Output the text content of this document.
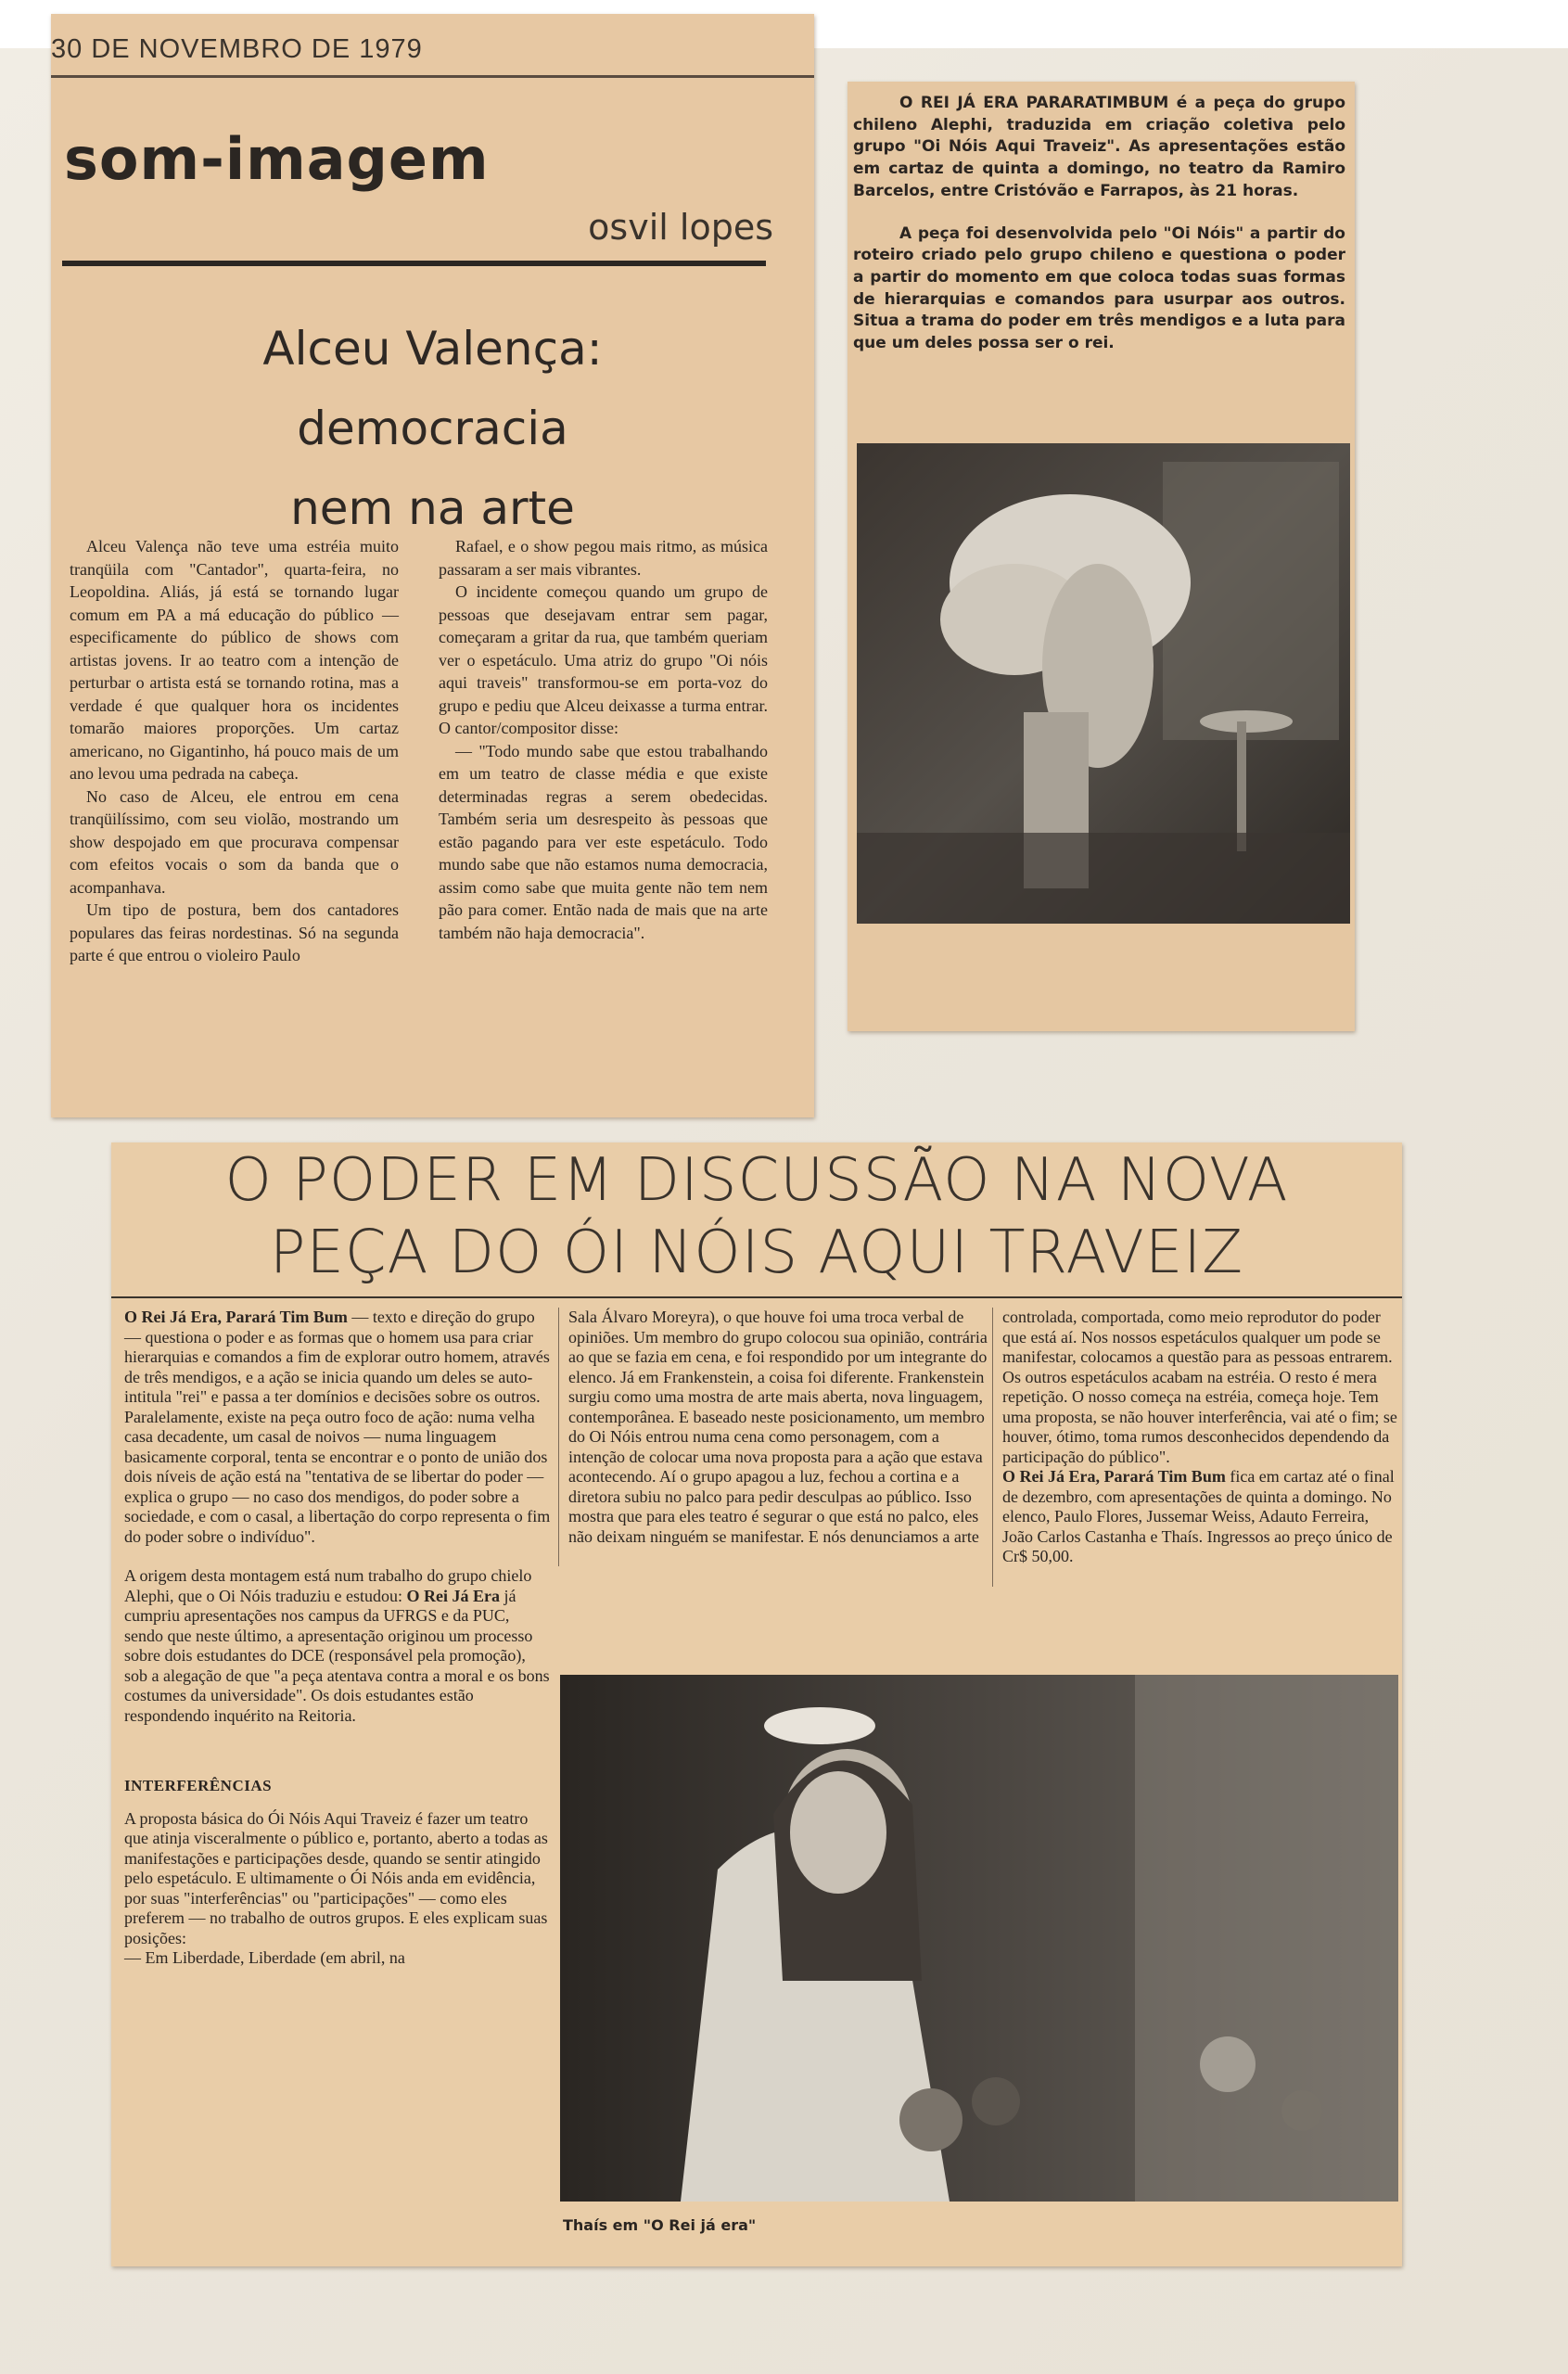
30 DE NOVEMBRO DE 1979
som-imagem
osvil lopes
Alceu Valença:
democracia
nem na arte

Alceu Valença não teve uma estréia muito tranqüila com "Cantador", quarta-feira, no Leopoldina. Aliás, já está se tornando lugar comum em PA a má educação do público — especificamente do público de shows com artistas jovens. Ir ao teatro com a intenção de perturbar o artista está se tornando rotina, mas a verdade é que qualquer hora os incidentes tomarão maiores proporções. Um cartaz americano, no Gigantinho, há pouco mais de um ano levou uma pedrada na cabeça.

No caso de Alceu, ele entrou em cena tranqüilíssimo, com seu violão, mostrando um show despojado em que procurava compensar com efeitos vocais o som da banda que o acompanhava.

Um tipo de postura, bem dos cantadores populares das feiras nordestinas. Só na segunda parte é que entrou o violeiro Paulo

Rafael, e o show pegou mais ritmo, as música passaram a ser mais vibrantes.

O incidente começou quando um grupo de pessoas que desejavam entrar sem pagar, começaram a gritar da rua, que também queriam ver o espetáculo. Uma atriz do grupo "Oi nóis aqui traveis" transformou-se em porta-voz do grupo e pediu que Alceu deixasse a turma entrar. O cantor/compositor disse:

— "Todo mundo sabe que estou trabalhando em um teatro de classe média e que existe determinadas regras a serem obedecidas. Também seria um desrespeito às pessoas que estão pagando para ver este espetáculo. Todo mundo sabe que não estamos numa democracia, assim como sabe que muita gente não tem nem pão para comer. Então nada de mais que na arte também não haja democracia".

O REI JÁ ERA PARARATIMBUM é a peça do grupo chileno Alephi, traduzida em criação coletiva pelo grupo "Oi Nóis Aqui Traveiz". As apresentações estão em cartaz de quinta a domingo, no teatro da Ramiro Barcelos, entre Cristóvão e Farrapos, às 21 horas.

A peça foi desenvolvida pelo "Oi Nóis" a partir do roteiro criado pelo grupo chileno e questiona o poder a partir do momento em que coloca todas suas formas de hierarquias e comandos para usurpar aos outros. Situa a trama do poder em três mendigos e a luta para que um deles possa ser o rei.

O PODER EM DISCUSSÃO NA NOVA
PEÇA DO ÓI NÓIS AQUI TRAVEIZ

O Rei Já Era, Parará Tim Bum — texto e direção do grupo — questiona o poder e as formas que o homem usa para criar hierarquias e comandos a fim de explorar outro homem, através de três mendigos, e a ação se inicia quando um deles se auto-intitula "rei" e passa a ter domínios e decisões sobre os outros. Paralelamente, existe na peça outro foco de ação: numa velha casa decadente, um casal de noivos — numa linguagem basicamente corporal, tenta se encontrar e o ponto de união dos dois níveis de ação está na "tentativa de se libertar do poder — explica o grupo — no caso dos mendigos, do poder sobre a sociedade, e com o casal, a libertação do corpo representa o fim do poder sobre o indivíduo".

A origem desta montagem está num trabalho do grupo chielo Alephi, que o Oi Nóis traduziu e estudou: O Rei Já Era já cumpriu apresentações nos campus da UFRGS e da PUC, sendo que neste último, a apresentação originou um processo sobre dois estudantes do DCE (responsável pela promoção), sob a alegação de que "a peça atentava contra a moral e os bons costumes da universidade". Os dois estudantes estão respondendo inquérito na Reitoria.

INTERFERÊNCIAS

A proposta básica do Ói Nóis Aqui Traveiz é fazer um teatro que atinja visceralmente o público e, portanto, aberto a todas as manifestações e participações desde, quando se sentir atingido pelo espetáculo. E ultimamente o Ói Nóis anda em evidência, por suas "interferências" ou "participações" — como eles preferem — no trabalho de outros grupos. E eles explicam suas posições:

— Em Liberdade, Liberdade (em abril, na

Sala Álvaro Moreyra), o que houve foi uma troca verbal de opiniões. Um membro do grupo colocou sua opinião, contrária ao que se fazia em cena, e foi respondido por um integrante do elenco. Já em Frankenstein, a coisa foi diferente. Frankenstein surgiu como uma mostra de arte mais aberta, nova linguagem, contemporânea. E baseado neste posicionamento, um membro do Oi Nóis entrou numa cena como personagem, com a intenção de colocar uma nova proposta para a ação que estava acontecendo. Aí o grupo apagou a luz, fechou a cortina e a diretora subiu no palco para pedir desculpas ao público. Isso mostra que para eles teatro é segurar o que está no palco, eles não deixam ninguém se manifestar. E nós denunciamos a arte

controlada, comportada, como meio reprodutor do poder que está aí. Nos nossos espetáculos qualquer um pode se manifestar, colocamos a questão para as pessoas entrarem. Os outros espetáculos acabam na estréia. O resto é mera repetição. O nosso começa na estréia, começa hoje. Tem uma proposta, se não houver interferência, vai até o fim; se houver, ótimo, toma rumos desconhecidos dependendo da participação do público".

O Rei Já Era, Parará Tim Bum fica em cartaz até o final de dezembro, com apresentações de quinta a domingo. No elenco, Paulo Flores, Jussemar Weiss, Adauto Ferreira, João Carlos Castanha e Thaís. Ingressos ao preço único de Cr$ 50,00.

Thaís em "O Rei já era"
